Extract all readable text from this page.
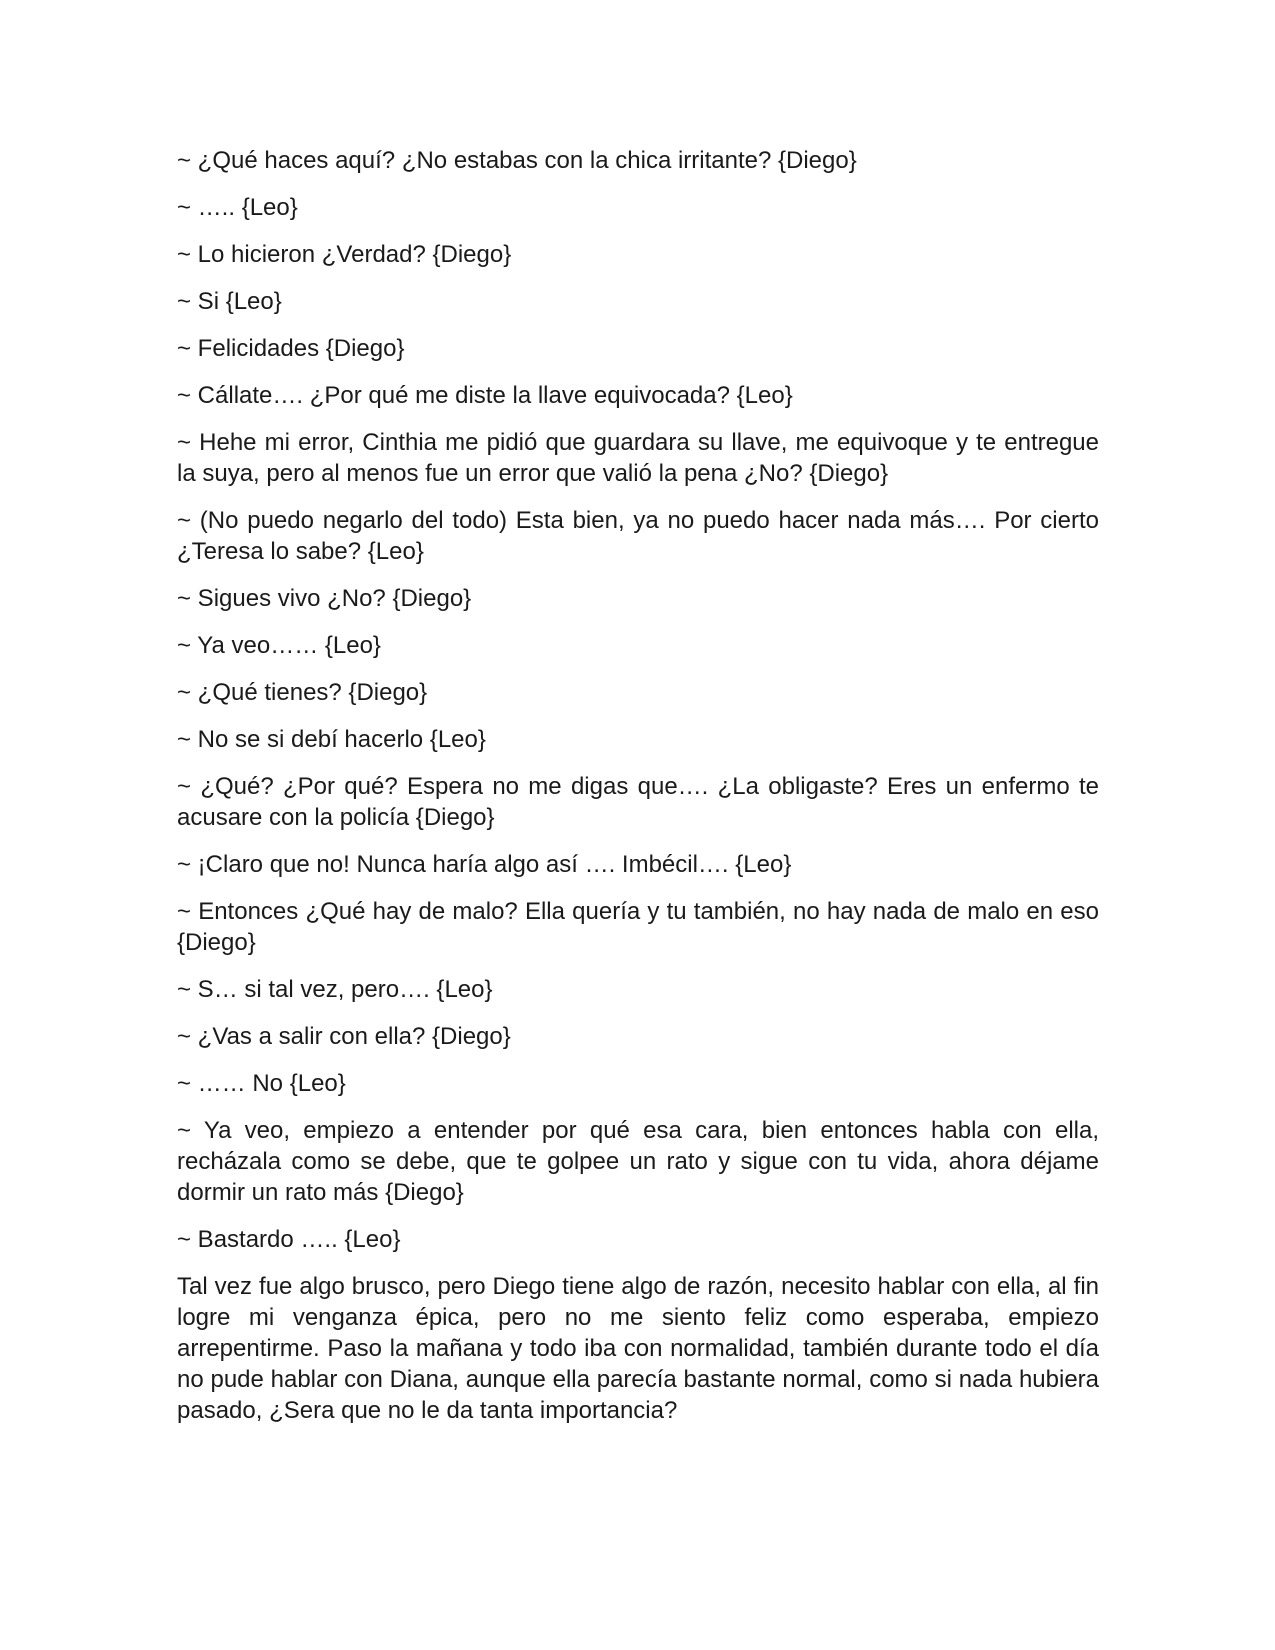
~ ¿Qué haces aquí? ¿No estabas con la chica irritante? {Diego}

~ ….. {Leo}

~ Lo hicieron ¿Verdad? {Diego}

~ Si {Leo}

~ Felicidades {Diego}

~ Cállate…. ¿Por qué me diste la llave equivocada? {Leo}

~ Hehe mi error, Cinthia me pidió que guardara su llave, me equivoque y te entregue la suya, pero al menos fue un error que valió la pena ¿No? {Diego}

~ (No puedo negarlo del todo) Esta bien, ya no puedo hacer nada más…. Por cierto ¿Teresa lo sabe? {Leo}

~ Sigues vivo ¿No? {Diego}

~ Ya veo…… {Leo}

~ ¿Qué tienes? {Diego}

~ No se si debí hacerlo {Leo}

~ ¿Qué? ¿Por qué? Espera no me digas que…. ¿La obligaste? Eres un enfermo te acusare con la policía {Diego}

~ ¡Claro que no! Nunca haría algo así …. Imbécil…. {Leo}

~ Entonces ¿Qué hay de malo? Ella quería y tu también, no hay nada de malo en eso {Diego}

~ S… si tal vez, pero…. {Leo}

~ ¿Vas a salir con ella? {Diego}

~ …… No {Leo}

~ Ya veo, empiezo a entender por qué esa cara, bien entonces habla con ella, recházala como se debe, que te golpee un rato y sigue con tu vida, ahora déjame dormir un rato más {Diego}

~ Bastardo ….. {Leo}

Tal vez fue algo brusco, pero Diego tiene algo de razón, necesito hablar con ella, al fin logre mi venganza épica, pero no me siento feliz como esperaba, empiezo arrepentirme. Paso la mañana y todo iba con normalidad, también durante todo el día no pude hablar con Diana, aunque ella parecía bastante normal, como si nada hubiera pasado, ¿Sera que no le da tanta importancia?
